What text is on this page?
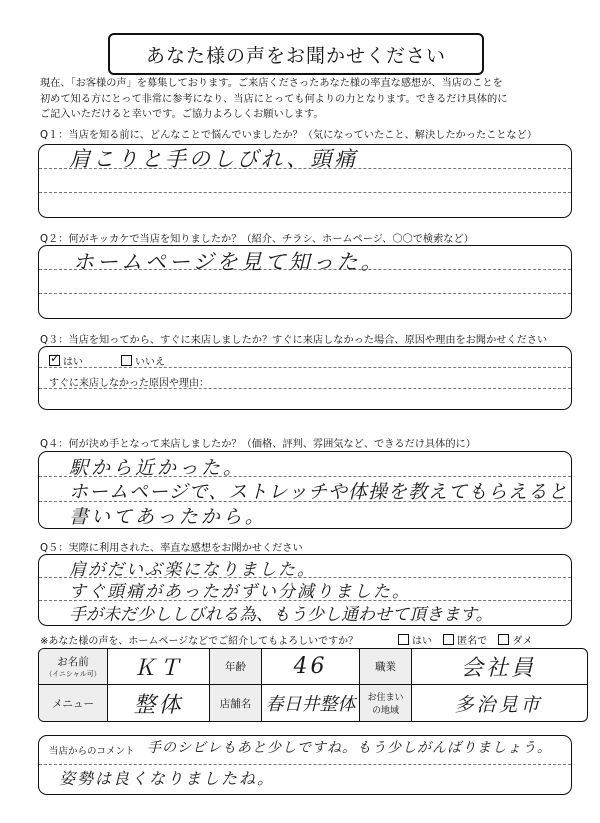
あなた様の声をお聞かせください
現在、「お客様の声」を募集しております。ご来店くださったあなた様の率直な感想が、当店のことを
初めて知る方にとって非常に参考になり、当店にとっても何よりの力となります。できるだけ具体的に
ご記入いただけると幸いです。ご協力よろしくお願いします。
Q１：当店を知る前に、どんなことで悩んでいましたか？（気になっていたこと、解決したかったことなど）
肩こりと手のしびれ、頭痛
Q２：何がキッカケで当店を知りましたか？（紹介、チラシ、ホームページ、〇〇で検索など）
ホームページを見て知った。
Q３：当店を知ってから、すぐに来店しましたか？すぐに来店しなかった場合、原因や理由をお聞かせください
✓ はい	いいえ
すぐに来店しなかった原因や理由：
Q４：何が決め手となって来店しましたか？（価格、評判、雰囲気など、できるだけ具体的に）
駅から近かった。
ホームページで、ストレッチや体操を教えてもらえると
書いてあったから。
Q５：実際に利用された、率直な感想をお聞かせください
肩がだいぶ楽になりました。
すぐ頭痛があったがずい分減りました。
手が未だ少ししびれる為、もう少し通わせて頂きます。
※あなた様の声を、ホームページなどでご紹介してもよろしいですか？	はい	匿名で	ダメ
お名前
（イニシャル可）	ＫＴ	年齢	46	職業	会社員
メニュー	整体	店舗名 春日井整体	お住まいの地域	多治見市
当店からのコメント 手のシビレもあと少しですね。もう少しがんばりましょう。
姿勢は良くなりましたね。
